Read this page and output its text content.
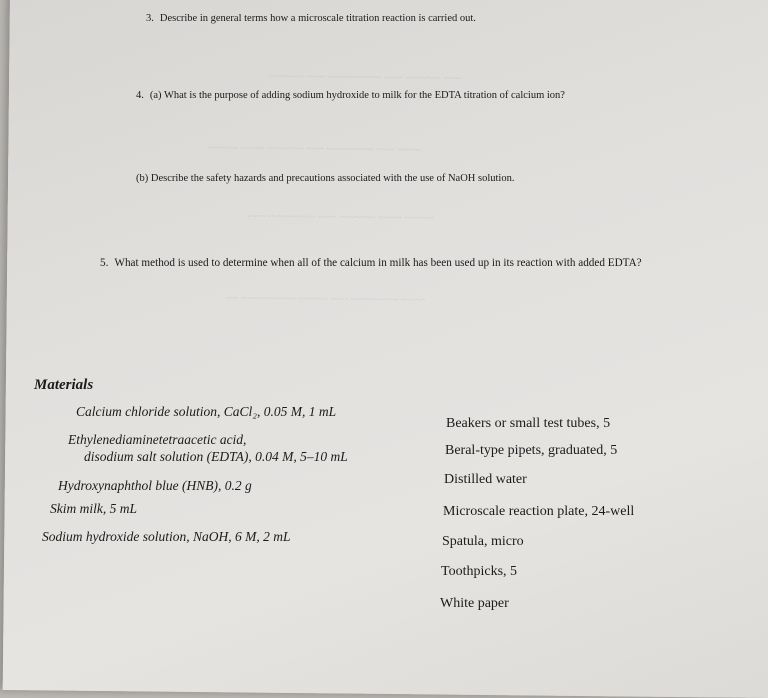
~~~ ~~~~~~ ~~~ ~~~~~~~~~ ~~~ ~~~~~~
~~~~ ~~~ ~~~~~~~~ ~~~ ~~~~~~ ~~~~ ~~~~~
~~~~~ ~~~~ ~~~~~~ ~~~ ~~~~~~~~ ~~~
~~~~ ~~~~~~~~ ~~~ ~~~~~ ~~~~~~~~~ ~~
3. Describe in general terms how a microscale titration reaction is carried out.
4. (a) What is the purpose of adding sodium hydroxide to milk for the EDTA titration of calcium ion?
(b) Describe the safety hazards and precautions associated with the use of NaOH solution.
5. What method is used to determine when all of the calcium in milk has been used up in its reaction with added EDTA?
Materials
Calcium chloride solution, CaCl₂, 0.05 M, 1 mL
Ethylenediaminetetraacetic acid,
disodium salt solution (EDTA), 0.04 M, 5–10 mL
Hydroxynaphthol blue (HNB), 0.2 g
Skim milk, 5 mL
Sodium hydroxide solution, NaOH, 6 M, 2 mL
Beakers or small test tubes, 5
Beral-type pipets, graduated, 5
Distilled water
Microscale reaction plate, 24-well
Spatula, micro
Toothpicks, 5
White paper
